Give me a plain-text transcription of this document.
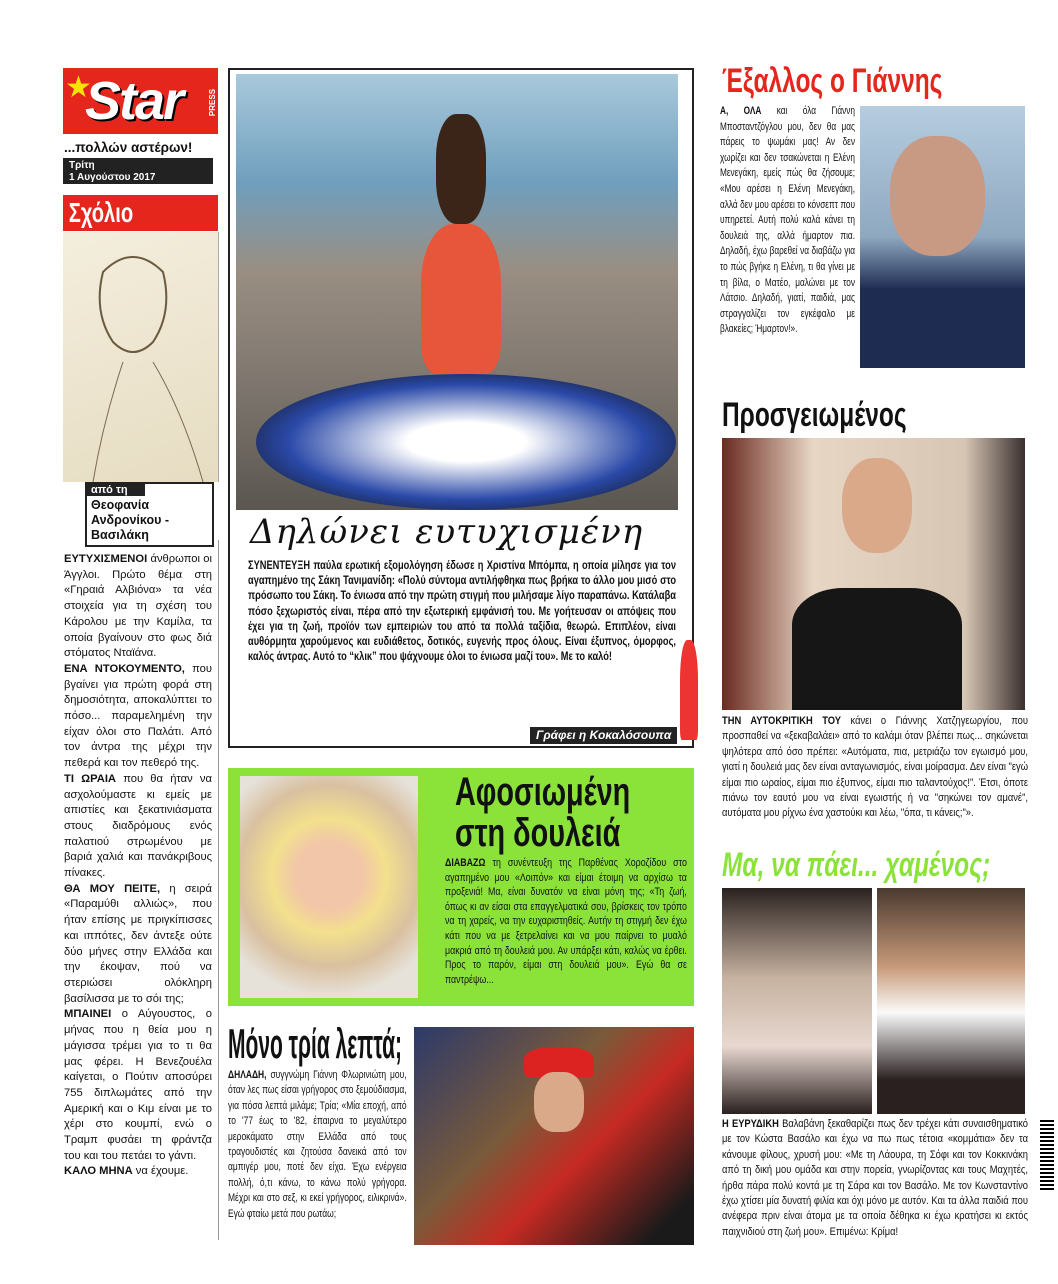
★
Star	PRESS
...πολλών αστέρων!
Τρίτη
1 Αυγούστου 2017
Σχόλιο
από τη
Θεοφανία Ανδρονίκου - Βασιλάκη
ΕΥΤΥΧΙΣΜΕΝΟΙ άνθρωποι οι Άγγλοι. Πρώτο θέμα στη «Γηραιά Αλβιόνα» τα νέα στοιχεία για τη σχέση του Κάρολου με την Καμίλα, τα οποία βγαίνουν στο φως διά στόματος Νταϊάνα.
ΕΝΑ ΝΤΟΚΟΥΜΕΝΤΟ, που βγαίνει για πρώτη φορά στη δημοσιότητα, αποκαλύπτει το πόσο... παραμελημένη την είχαν όλοι στο Παλάτι. Από τον άντρα της μέχρι την πεθερά και τον πεθερό της.
ΤΙ ΩΡΑΙΑ που θα ήταν να ασχολούμαστε κι εμείς με απιστίες και ξεκατινιάσματα στους διαδρόμους ενός παλατιού στρωμένου με βαριά χαλιά και πανάκριβους πίνακες.
ΘΑ ΜΟΥ ΠΕΙΤΕ, η σειρά «Παραμύθι αλλιώς», που ήταν επίσης με πριγκίπισσες και ιππότες, δεν άντεξε ούτε δύο μήνες στην Ελλάδα και την έκοψαν, πού να στεριώσει ολόκληρη βασίλισσα με το σόι της;
ΜΠΑΙΝΕΙ ο Αύγουστος, ο μήνας που η θεία μου η μάγισσα τρέμει για το τι θα μας φέρει. Η Βενεζουέλα καίγεται, ο Πούτιν αποσύρει 755 διπλωμάτες από την Αμερική και ο Κιμ είναι με το χέρι στο κουμπί, ενώ ο Τραμπ φυσάει τη φράντζα του και του πετάει το γάντι.
ΚΑΛΟ ΜΗΝΑ να έχουμε.
Δηλώνει ευτυχισμένη
ΣΥΝΕΝΤΕΥΞΗ παύλα ερωτική εξομολόγηση έδωσε η Χριστίνα Μπόμπα, η οποία μίλησε για τον αγαπημένο της Σάκη Τανιμανίδη: «Πολύ σύντομα αντιλήφθηκα πως βρήκα το άλλο μου μισό στο πρόσωπο του Σάκη. Το ένιωσα από την πρώτη στιγμή που μιλήσαμε λίγο παραπάνω. Κατάλαβα πόσο ξεχωριστός είναι, πέρα από την εξωτερική εμφάνισή του. Με γοήτευσαν οι απόψεις που έχει για τη ζωή, προϊόν των εμπειριών του από τα πολλά ταξίδια, θεωρώ. Επιπλέον, είναι αυθόρμητα χαρούμενος και ευδιάθετος, δοτικός, ευγενής προς όλους. Είναι έξυπνος, όμορφος, καλός άντρας. Αυτό το “κλικ” που ψάχνουμε όλοι το ένιωσα μαζί του». Με το καλό!
Γράφει η Κοκαλόσουπα
Αφοσιωμένη
στη δουλειά
ΔΙΑΒΑΖΩ τη συνέντευξη της Παρθένας Χοροζίδου στο αγαπημένο μου «Λοιπόν» και είμαι έτοιμη να αρχίσω τα προξενιά! Μα, είναι δυνατόν να είναι μόνη της; «Τη ζωή, όπως κι αν είσαι στα επαγγελματικά σου, βρίσκεις τον τρόπο να τη χαρείς, να την ευχαριστηθείς. Αυτήν τη στιγμή δεν έχω κάτι που να με ξετρελαίνει και να μου παίρνει το μυαλό μακριά από τη δουλειά μου. Αν υπάρξει κάτι, καλώς να έρθει. Προς το παρόν, είμαι στη δουλειά μου». Εγώ θα σε παντρέψω...
Μόνο τρία λεπτά;
ΔΗΛΑΔΗ, συγγνώμη Γιάννη Φλωρινιώτη μου, όταν λες πως είσαι γρήγορος στο ξεμούδιασμα, για πόσα λεπτά μιλάμε; Τρία; «Μία εποχή, από το '77 έως το '82, έπαιρνα το μεγαλύτερο μεροκάματο στην Ελλάδα από τους τραγουδιστές και ζητούσα δανεικά από τον αμπιγέρ μου, ποτέ δεν είχα. Έχω ενέργεια πολλή, ό,τι κάνω, το κάνω πολύ γρήγορα. Μέχρι και στο σεξ, κι εκεί γρήγορος, ειλικρινά». Εγώ φταίω μετά που ρωτάω;
Έξαλλος ο Γιάννης
Α, ΟΛΑ και όλα Γιάννη Μποσταντζόγλου μου, δεν θα μας πάρεις το ψωμάκι μας! Αν δεν χωρίζει και δεν τσακώνεται η Ελένη Μενεγάκη, εμείς πώς θα ζήσουμε; «Μου αρέσει η Ελένη Μενεγάκη, αλλά δεν μου αρέσει το κόνσεπτ που υπηρετεί. Αυτή πολύ καλά κάνει τη δουλειά της, αλλά ήμαρτον πια. Δηλαδή, έχω βαρεθεί να διαβάζω για το πώς βγήκε η Ελένη, τι θα γίνει με τη βίλα, ο Ματέο, μαλώνει με τον Λάτσιο. Δηλαδή, γιατί, παιδιά, μας στραγγαλίζει τον εγκέφαλο με βλακείες; Ήμαρτον!».
Προσγειωμένος
ΤΗΝ ΑΥΤΟΚΡΙΤΙΚΗ ΤΟΥ κάνει ο Γιάννης Χατζηγεωργίου, που προσπαθεί να «ξεκαβαλάει» από το καλάμι όταν βλέπει πως... σηκώνεται ψηλότερα από όσο πρέπει: «Αυτόματα, πια, μετριάζω τον εγωισμό μου, γιατί η δουλειά μας δεν είναι ανταγωνισμός, είναι μοίρασμα. Δεν είναι "εγώ είμαι πιο ωραίος, είμαι πιο έξυπνος, είμαι πιο ταλαντούχος!". Έτσι, όποτε πιάνω τον εαυτό μου να είναι εγωιστής ή να "σηκώνει τον αμανέ", αυτόματα μου ρίχνω ένα χαστούκι και λέω, "όπα, τι κάνεις;"».
Μα, να πάει... χαμένος;
Η ΕΥΡΥΔΙΚΗ Βαλαβάνη ξεκαθαρίζει πως δεν τρέχει κάτι συναισθηματικό με τον Κώστα Βασάλο και έχω να πω πως τέτοια «κομμάτια» δεν τα κάνουμε φίλους, χρυσή μου: «Με τη Λάουρα, τη Σόφι και τον Κοκκινάκη από τη δική μου ομάδα και στην πορεία, γνωρίζοντας και τους Μαχητές, ήρθα πάρα πολύ κοντά με τη Σάρα και τον Βασάλο. Με τον Κωνσταντίνο έχω χτίσει μία δυνατή φιλία και όχι μόνο με αυτόν. Και τα άλλα παιδιά που ανέφερα πριν είναι άτομα με τα οποία δέθηκα κι έχω κρατήσει κι εκτός παιχνιδιού στη ζωή μου». Επιμένω: Κρίμα!
